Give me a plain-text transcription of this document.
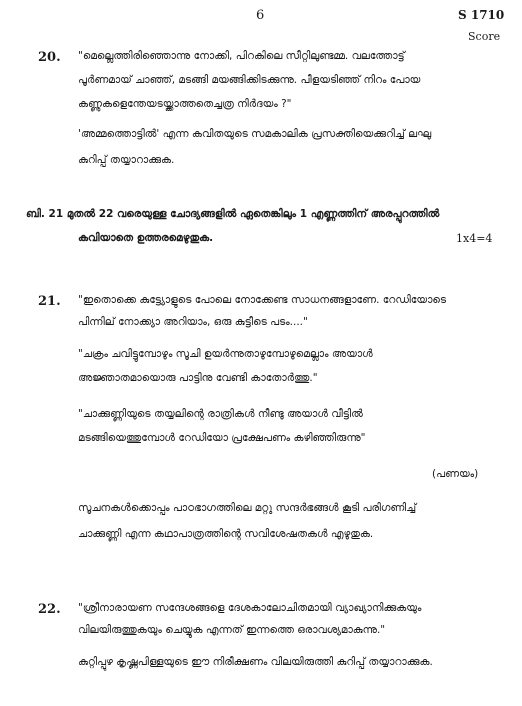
6	S 1710
Score
20. "മെല്ലെത്തിരിഞ്ഞൊന്നു നോക്കി, പിറകിലെ സീറ്റിലുണ്ടമ്മ. വലത്തോട്ട്
പൂർണമായ് ചാഞ്ഞ്, മടങ്ങി മയങ്ങിക്കിടക്കുന്നു. പീളയടിഞ്ഞ് നിറം പോയ
കണ്ണുകളെന്തേയടയ്ക്കാത്തതെച്ചത്ര നിർദയം ?"
'അമ്മത്തൊട്ടിൽ' എന്ന കവിതയുടെ സമകാലിക പ്രസക്തിയെക്കുറിച്ച് ലഘു
കുറിപ്പ് തയ്യാറാക്കുക.
ബി. 21 മുതൽ 22 വരെയുള്ള ചോദ്യങ്ങളിൽ ഏതെങ്കിലും 1 എണ്ണത്തിന് അരപ്പുറത്തിൽ
കവിയാതെ ഉത്തരമെഴുതുക.	1x4=4
21. "ഇതൊക്കെ കുട്ട്യോളുടെ പോലെ നോക്കേണ്ട സാധനങ്ങളാണേ. റേഡിയോടെ
പിന്നില് നോക്ക്യാ അറിയാം, ഒരു കുട്ടീടെ പടം...."
"ചക്രം ചവിട്ടുമ്പോഴും സൂചി ഉയർന്നുതാഴുമ്പോഴുമെല്ലാം അയാൾ
അജ്ഞാതമായൊരു പാട്ടിനു വേണ്ടി കാതോർത്തു."
"ചാക്കുണ്ണിയുടെ തയ്യലിന്റെ രാത്രികൾ നീണ്ടു അയാൾ വീട്ടിൽ
മടങ്ങിയെത്തുമ്പോൾ റേഡിയോ പ്രക്ഷേപണം കഴിഞ്ഞിരുന്നു"
(പണയം)
സൂചനകൾക്കൊപ്പം പാഠഭാഗത്തിലെ മറ്റു സന്ദർഭങ്ങൾ കൂടി പരിഗണിച്ച്
ചാക്കുണ്ണി എന്ന കഥാപാത്രത്തിന്റെ സവിശേഷതകൾ എഴുതുക.
22. "ശ്രീനാരായണ സന്ദേശങ്ങളെ ദേശകാലോചിതമായി വ്യാഖ്യാനിക്കുകയും
വിലയിരുത്തുകയും ചെയ്യുക എന്നത് ഇന്നത്തെ ഒരാവശ്യമാകുന്നു."
കുറ്റിപ്പുഴ കൃഷ്ണപിള്ളയുടെ ഈ നിരീക്ഷണം വിലയിരുത്തി കുറിപ്പ് തയ്യാറാക്കുക.
